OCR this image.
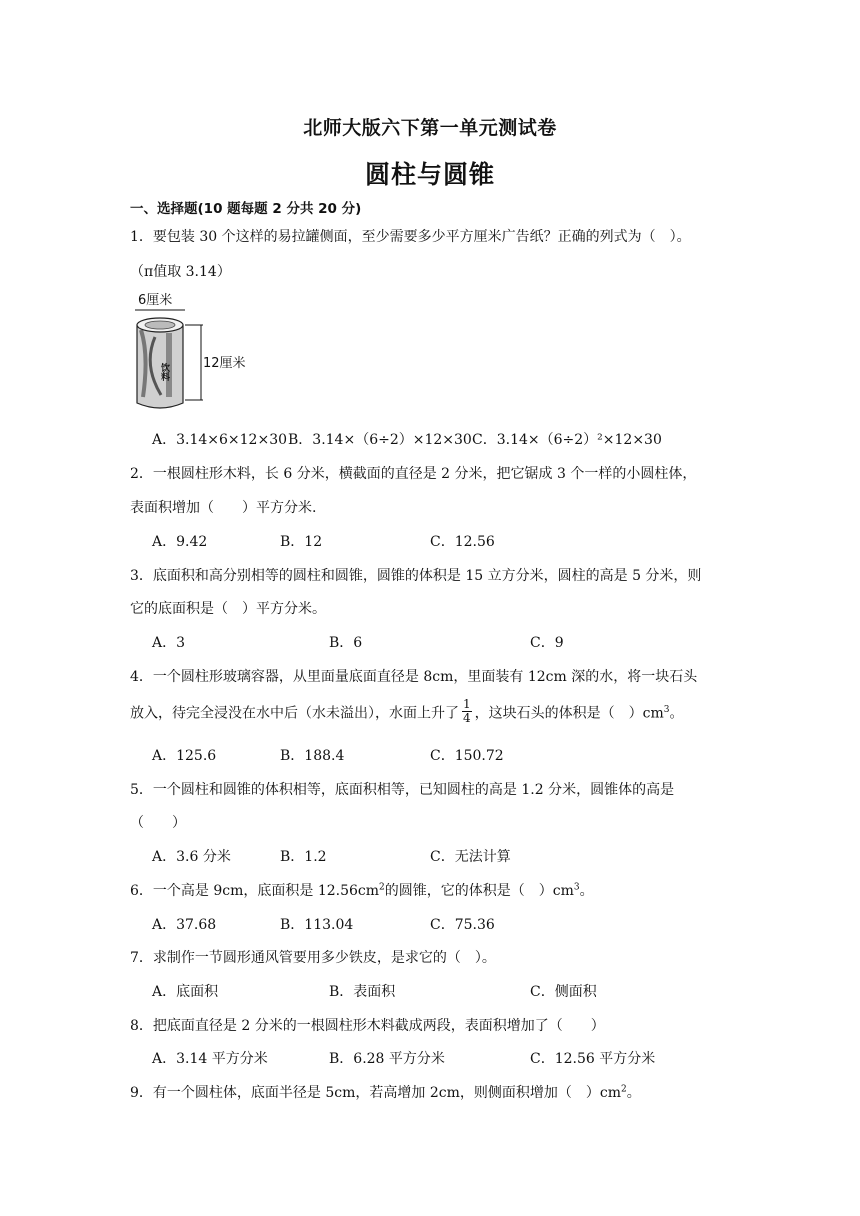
北师大版六下第一单元测试卷
圆柱与圆锥
一、选择题(10 题每题 2 分共 20 分)
1．要包装 30 个这样的易拉罐侧面，至少需要多少平方厘米广告纸？正确的列式为（　）。
（π值取 3.14）
6厘米
12厘米
饮料
A．3.14×6×12×30 B．3.14×（6÷2）×12×30 C．3.14×（6÷2）²×12×30
2．一根圆柱形木料，长 6 分米，横截面的直径是 2 分米，把它锯成 3 个一样的小圆柱体，
表面积增加（　　）平方分米.
A．9.42	B．12	C．12.56
3．底面积和高分别相等的圆柱和圆锥，圆锥的体积是 15 立方分米，圆柱的高是 5 分米，则
它的底面积是（　）平方分米。
A．3	B．6	C．9
4．一个圆柱形玻璃容器，从里面量底面直径是 8cm，里面装有 12cm 深的水，将一块石头
放入，待完全浸没在水中后（水未溢出），水面上升了 $\frac{1}{4}$ ，这块石头的体积是（　）$cm^3$。
A．125.6	B．188.4	C．150.72
5．一个圆柱和圆锥的体积相等，底面积相等，已知圆柱的高是 1.2 分米，圆锥体的高是
（　　）
A．3.6 分米	B．1.2	C．无法计算
6．一个高是 9cm，底面积是 $12.56cm^2$的圆锥，它的体积是（　）$cm^3$。
A．37.68	B．113.04	C．75.36
7．求制作一节圆形通风管要用多少铁皮，是求它的（　）。
A．底面积	B．表面积	C．侧面积
8．把底面直径是 2 分米的一根圆柱形木料截成两段，表面积增加了（　　）
A．3.14 平方分米	B．6.28 平方分米	C．12.56 平方分米
9．有一个圆柱体，底面半径是 5cm，若高增加 2cm，则侧面积增加（　）$cm^2$。
